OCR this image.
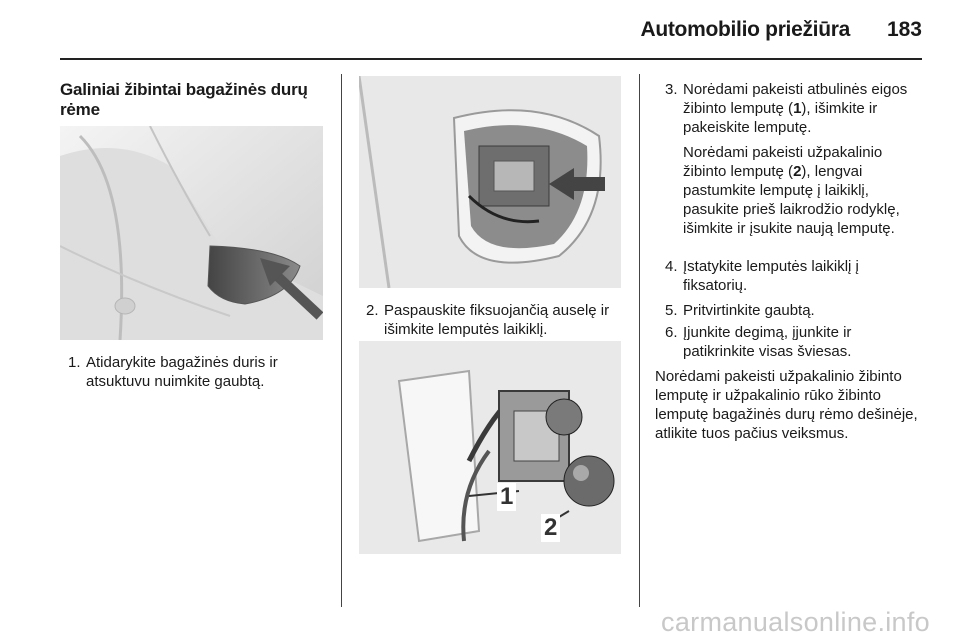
Automobilio priežiūra 183
Galiniai žibintai bagažinės durų rėme
1. Atidarykite bagažinės duris ir atsuktuvu nuimkite gaubtą.
2. Paspauskite fiksuojančią auselę ir išimkite lemputės laikiklį.
1
2
3. Norėdami pakeisti atbulinės eigos žibinto lemputę (1), išimkite ir pakeiskite lemputę.
Norėdami pakeisti užpakalinio žibinto lemputę (2), lengvai pastumkite lemputę į laikiklį, pasukite prieš laikrodžio rodyklę, išimkite ir įsukite naują lemputę.
4. Įstatykite lemputės laikiklį į fiksatorių.
5. Pritvirtinkite gaubtą.
6. Įjunkite degimą, įjunkite ir patikrinkite visas šviesas.
Norėdami pakeisti užpakalinio žibinto lemputę ir užpakalinio rūko žibinto lemputę bagažinės durų rėmo dešinėje, atlikite tuos pačius veiksmus.
carmanualsonline.info
